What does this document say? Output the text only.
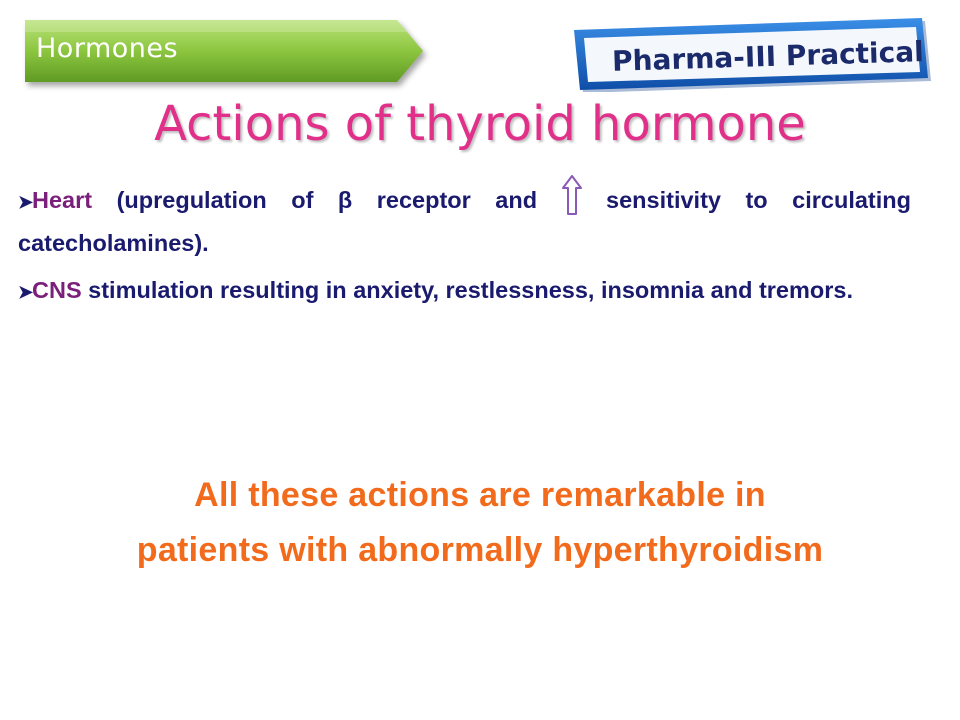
Hormones	Pharma-III Practical
Actions of thyroid hormone
➤Heart (upregulation of β receptor and  sensitivity to circulating catecholamines).
➤CNS stimulation resulting in anxiety, restlessness, insomnia and tremors.
All these actions are remarkable in
patients with abnormally hyperthyroidism
